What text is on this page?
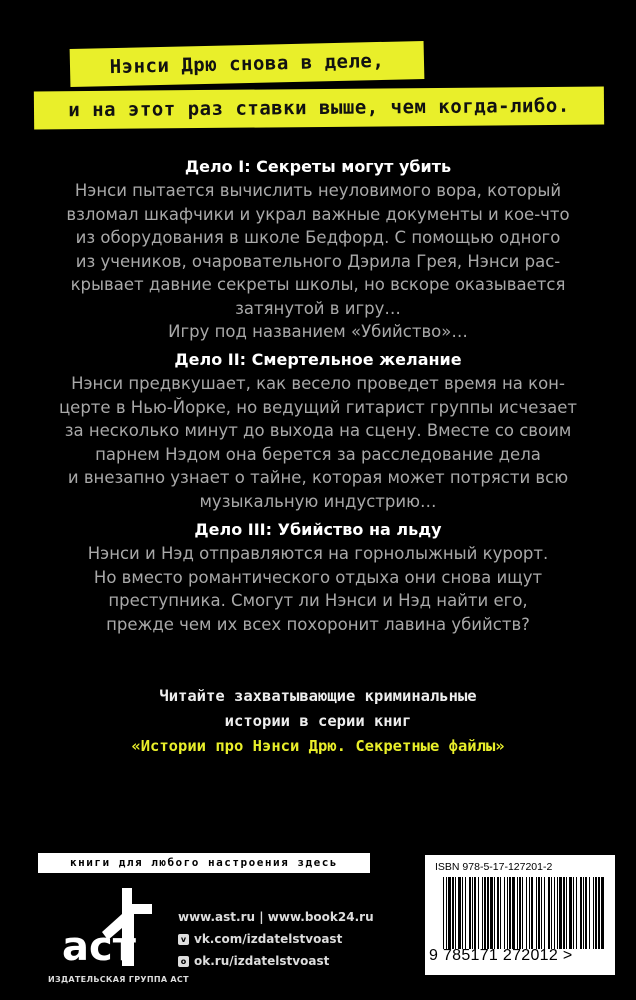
Нэнси Дрю снова в деле,
и на этот раз ставки выше, чем когда-либо.
Дело I: Секреты могут убить
Нэнси пытается вычислить неуловимого вора, который
взломал шкафчики и украл важные документы и кое-что
из оборудования в школе Бедфорд. С помощью одного
из учеников, очаровательного Дэрила Грея, Нэнси рас-
крывает давние секреты школы, но вскоре оказывается
затянутой в игру…
Игру под названием «Убийство»…
Дело II: Смертельное желание
Нэнси предвкушает, как весело проведет время на кон-
церте в Нью-Йорке, но ведущий гитарист группы исчезает
за несколько минут до выхода на сцену. Вместе со своим
парнем Нэдом она берется за расследование дела
и внезапно узнает о тайне, которая может потрясти всю
музыкальную индустрию…
Дело III: Убийство на льду
Нэнси и Нэд отправляются на горнолыжный курорт.
Но вместо романтического отдыха они снова ищут
преступника. Смогут ли Нэнси и Нэд найти его,
прежде чем их всех похоронит лавина убийств?
Читайте захватывающие криминальные
истории в серии книг
«Истории про Нэнси Дрю. Секретные файлы»
книги для любого настроения здесь
аст
ИЗДАТЕЛЬСКАЯ ГРУППА АСТ
www.ast.ru | www.book24.ru
v vk.com/izdatelstvoast
o ok.ru/izdatelstvoast
ISBN 978-5-17-127201-2
9 785171 272012 >
